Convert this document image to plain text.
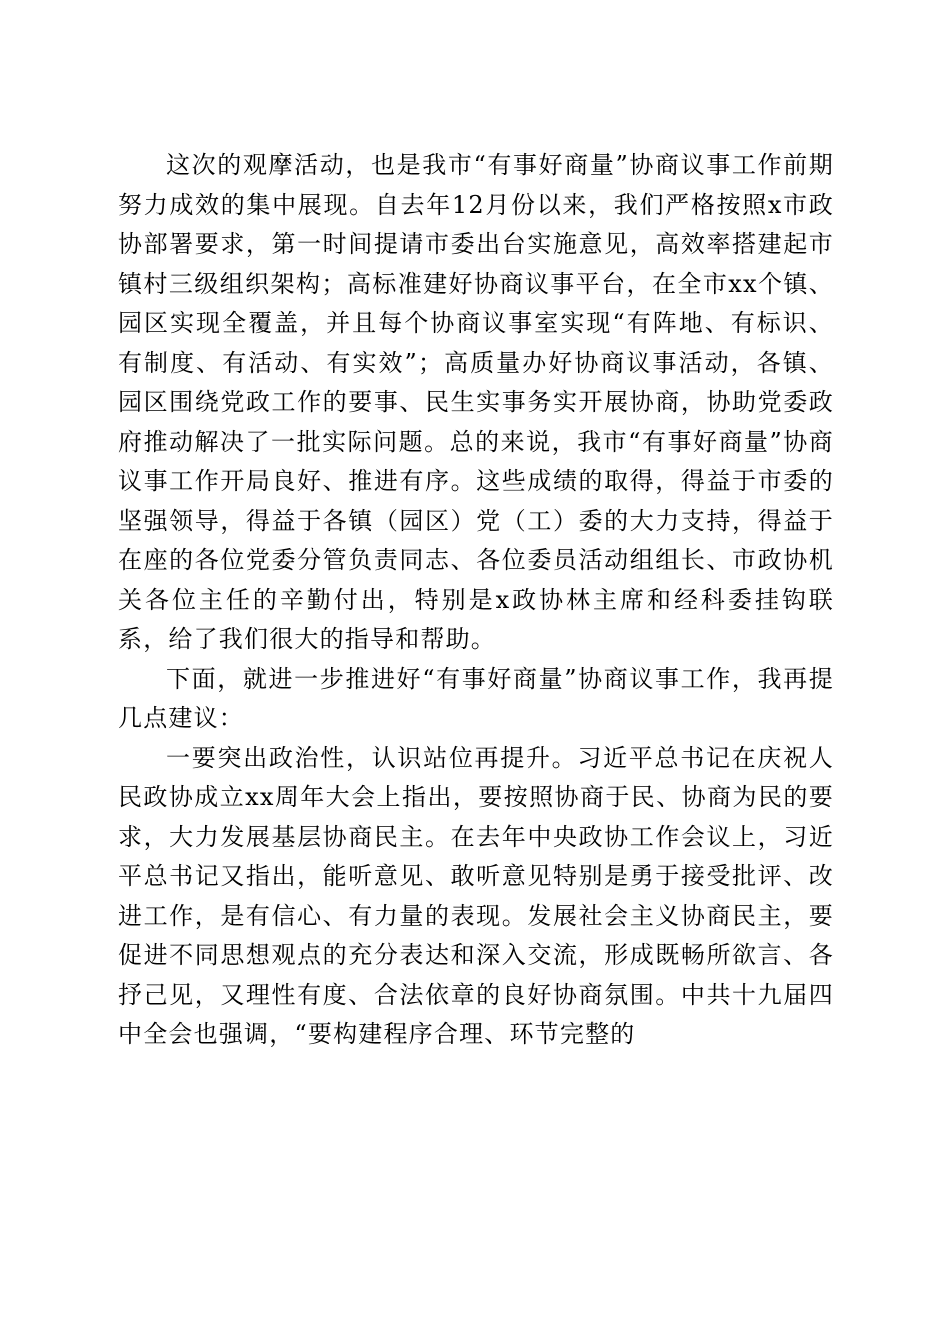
这次的观摩活动，也是我市“有事好商量”协商议事工作前期努力成效的集中展现。自去年12月份以来，我们严格按照x市政协部署要求，第一时间提请市委出台实施意见，高效率搭建起市镇村三级组织架构；高标准建好协商议事平台，在全市xx个镇、园区实现全覆盖，并且每个协商议事室实现“有阵地、有标识、有制度、有活动、有实效”；高质量办好协商议事活动，各镇、园区围绕党政工作的要事、民生实事务实开展协商，协助党委政府推动解决了一批实际问题。总的来说，我市“有事好商量”协商议事工作开局良好、推进有序。这些成绩的取得，得益于市委的坚强领导，得益于各镇（园区）党（工）委的大力支持，得益于在座的各位党委分管负责同志、各位委员活动组组长、市政协机关各位主任的辛勤付出，特别是x政协林主席和经科委挂钩联系，给了我们很大的指导和帮助。

下面，就进一步推进好“有事好商量”协商议事工作，我再提几点建议：

一要突出政治性，认识站位再提升。习近平总书记在庆祝人民政协成立xx周年大会上指出，要按照协商于民、协商为民的要求，大力发展基层协商民主。在去年中央政协工作会议上，习近平总书记又指出，能听意见、敢听意见特别是勇于接受批评、改进工作，是有信心、有力量的表现。发展社会主义协商民主，要促进不同思想观点的充分表达和深入交流，形成既畅所欲言、各抒己见，又理性有度、合法依章的良好协商氛围。中共十九届四中全会也强调，“要构建程序合理、环节完整的
